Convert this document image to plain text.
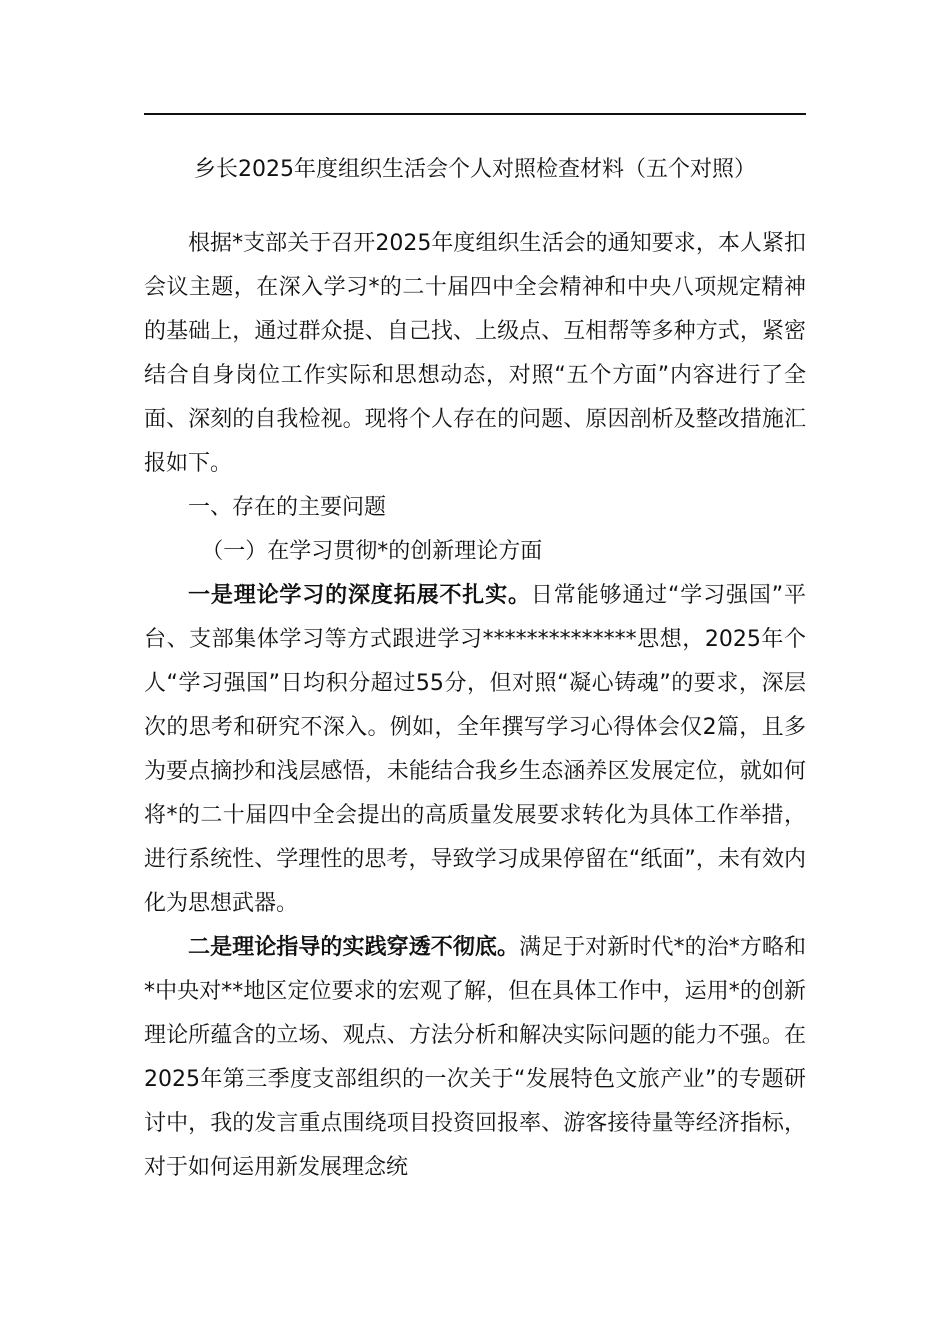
乡长2025年度组织生活会个人对照检查材料（五个对照）

根据*支部关于召开2025年度组织生活会的通知要求，本人紧扣会议主题，在深入学习*的二十届四中全会精神和中央八项规定精神的基础上，通过群众提、自己找、上级点、互相帮等多种方式，紧密结合自身岗位工作实际和思想动态，对照“五个方面”内容进行了全面、深刻的自我检视。现将个人存在的问题、原因剖析及整改措施汇报如下。

一、存在的主要问题

（一）在学习贯彻*的创新理论方面

一是理论学习的深度拓展不扎实。日常能够通过“学习强国”平台、支部集体学习等方式跟进学习**************思想，2025年个人“学习强国”日均积分超过55分，但对照“凝心铸魂”的要求，深层次的思考和研究不深入。例如，全年撰写学习心得体会仅2篇，且多为要点摘抄和浅层感悟，未能结合我乡生态涵养区发展定位，就如何将*的二十届四中全会提出的高质量发展要求转化为具体工作举措，进行系统性、学理性的思考，导致学习成果停留在“纸面”，未有效内化为思想武器。

二是理论指导的实践穿透不彻底。满足于对新时代*的治*方略和*中央对**地区定位要求的宏观了解，但在具体工作中，运用*的创新理论所蕴含的立场、观点、方法分析和解决实际问题的能力不强。在2025年第三季度支部组织的一次关于“发展特色文旅产业”的专题研讨中，我的发言重点围绕项目投资回报率、游客接待量等经济指标，对于如何运用新发展理念统
